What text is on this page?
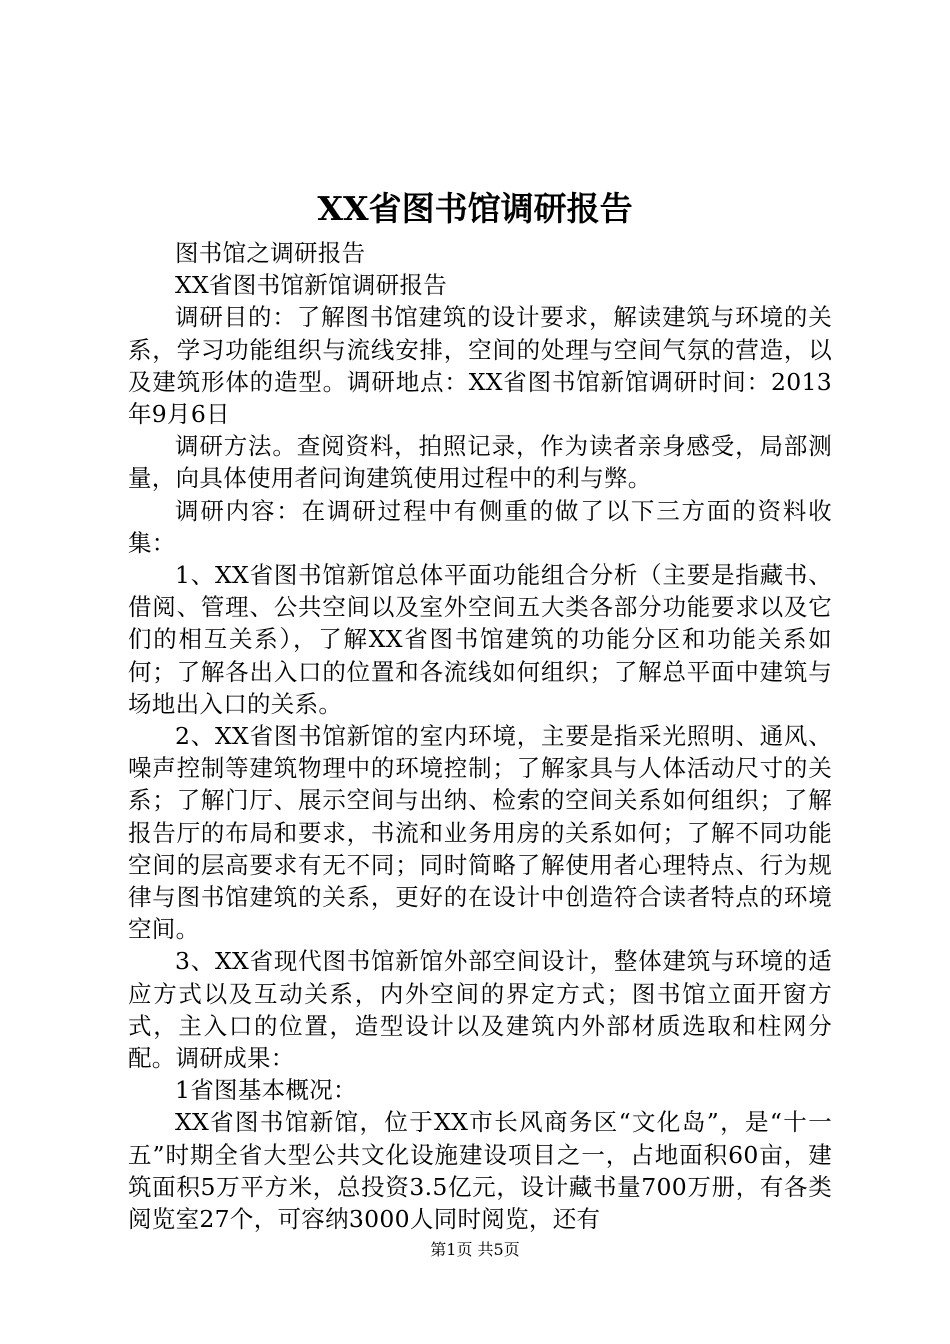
XX省图书馆调研报告

图书馆之调研报告

XX省图书馆新馆调研报告

调研目的：了解图书馆建筑的设计要求，解读建筑与环境的关系，学习功能组织与流线安排，空间的处理与空间气氛的营造，以及建筑形体的造型。调研地点：XX省图书馆新馆调研时间：2013年9月6日

调研方法。查阅资料，拍照记录，作为读者亲身感受，局部测量，向具体使用者问询建筑使用过程中的利与弊。

调研内容：在调研过程中有侧重的做了以下三方面的资料收集：

1、XX省图书馆新馆总体平面功能组合分析（主要是指藏书、借阅、管理、公共空间以及室外空间五大类各部分功能要求以及它们的相互关系），了解XX省图书馆建筑的功能分区和功能关系如何；了解各出入口的位置和各流线如何组织；了解总平面中建筑与场地出入口的关系。

2、XX省图书馆新馆的室内环境，主要是指采光照明、通风、噪声控制等建筑物理中的环境控制；了解家具与人体活动尺寸的关系；了解门厅、展示空间与出纳、检索的空间关系如何组织；了解报告厅的布局和要求，书流和业务用房的关系如何；了解不同功能空间的层高要求有无不同；同时简略了解使用者心理特点、行为规律与图书馆建筑的关系，更好的在设计中创造符合读者特点的环境空间。

3、XX省现代图书馆新馆外部空间设计，整体建筑与环境的适应方式以及互动关系，内外空间的界定方式；图书馆立面开窗方式，主入口的位置，造型设计以及建筑内外部材质选取和柱网分配。调研成果：

1省图基本概况：

XX省图书馆新馆，位于XX市长风商务区“文化岛”，是“十一五”时期全省大型公共文化设施建设项目之一，占地面积60亩，建筑面积5万平方米，总投资3.5亿元，设计藏书量700万册，有各类阅览室27个，可容纳3000人同时阅览，还有

第1页 共5页
